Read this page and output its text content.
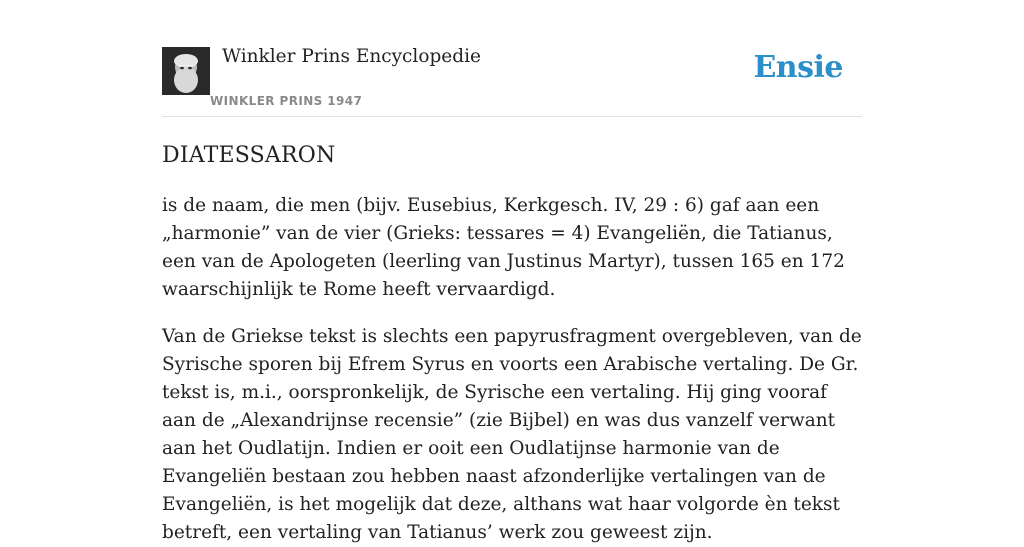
Winkler Prins Encyclopedie
WINKLER PRINS 1947
Ensie
DIATESSARON

is de naam, die men (bijv. Eusebius, Kerkgesch. IV, 29 : 6) gaf aan een „harmonie” van de vier (Grieks: tessares = 4) Evangeliën, die Tatianus, een van de Apologeten (leerling van Justinus Martyr), tussen 165 en 172 waarschijnlijk te Rome heeft vervaardigd.

Van de Griekse tekst is slechts een papyrusfragment overgebleven, van de Syrische sporen bij Efrem Syrus en voorts een Arabische vertaling. De Gr. tekst is, m.i., oorspronkelijk, de Syrische een vertaling. Hij ging vooraf aan de „Alexandrijnse recensie” (zie Bijbel) en was dus vanzelf verwant aan het Oudlatijn. Indien er ooit een Oudlatijnse harmonie van de Evangeliën bestaan zou hebben naast afzonderlijke vertalingen van de Evangeliën, is het mogelijk dat deze, althans wat haar volgorde èn tekst betreft, een vertaling van Tatianus’ werk zou geweest zijn.
